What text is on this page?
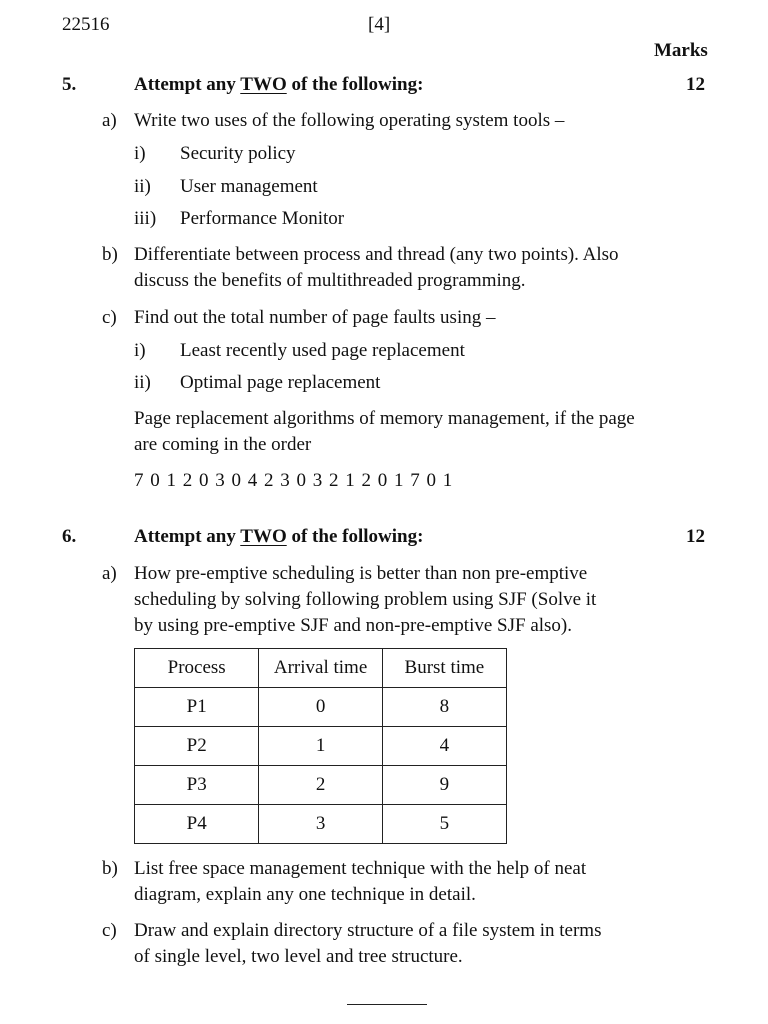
22516	[4]
Marks
5.	Attempt any TWO of the following:	12
a) Write two uses of the following operating system tools –
i) Security policy
ii) User management
iii) Performance Monitor
b) Differentiate between process and thread (any two points). Also
discuss the benefits of multithreaded programming.
c) Find out the total number of page faults using –
i) Least recently used page replacement
ii) Optimal page replacement
Page replacement algorithms of memory management, if the page
are coming in the order
7 0 1 2 0 3 0 4 2 3 0 3 2 1 2 0 1 7 0 1
6.	Attempt any TWO of the following:	12
a) How pre-emptive scheduling is better than non pre-emptive
scheduling by solving following problem using SJF (Solve it
by using pre-emptive SJF and non-pre-emptive SJF also).
Process	Arrival time	Burst time
P1	0	8
P2	1	4
P3	2	9
P4	3	5
b) List free space management technique with the help of neat
diagram, explain any one technique in detail.
c) Draw and explain directory structure of a file system in terms
of single level, two level and tree structure.
